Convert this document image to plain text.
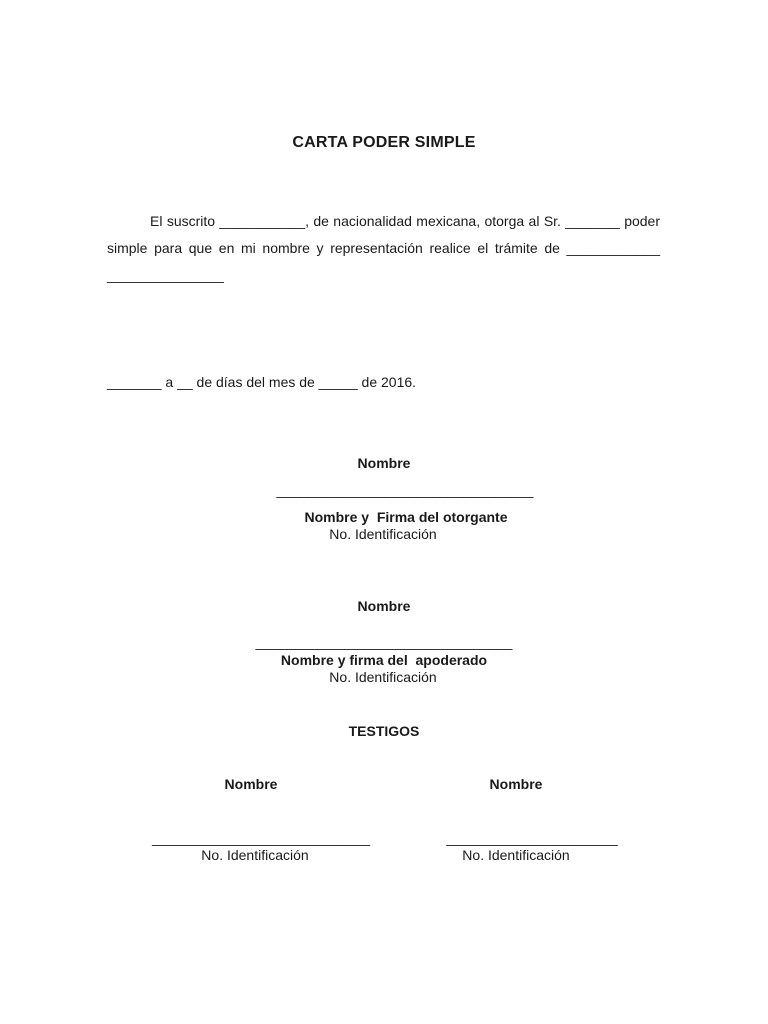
CARTA PODER SIMPLE
El suscrito ___________, de nacionalidad mexicana, otorga al Sr. _______ poder simple para que en mi nombre y representación realice el trámite de ____________ _______________
_______ a __ de días del mes de _____ de 2016.
Nombre
_________________________________
Nombre y  Firma del otorgante
No. Identificación
Nombre
_________________________________
Nombre y firma del  apoderado
No. Identificación
TESTIGOS
Nombre
____________________________
No. Identificación
Nombre
______________________
No. Identificación
